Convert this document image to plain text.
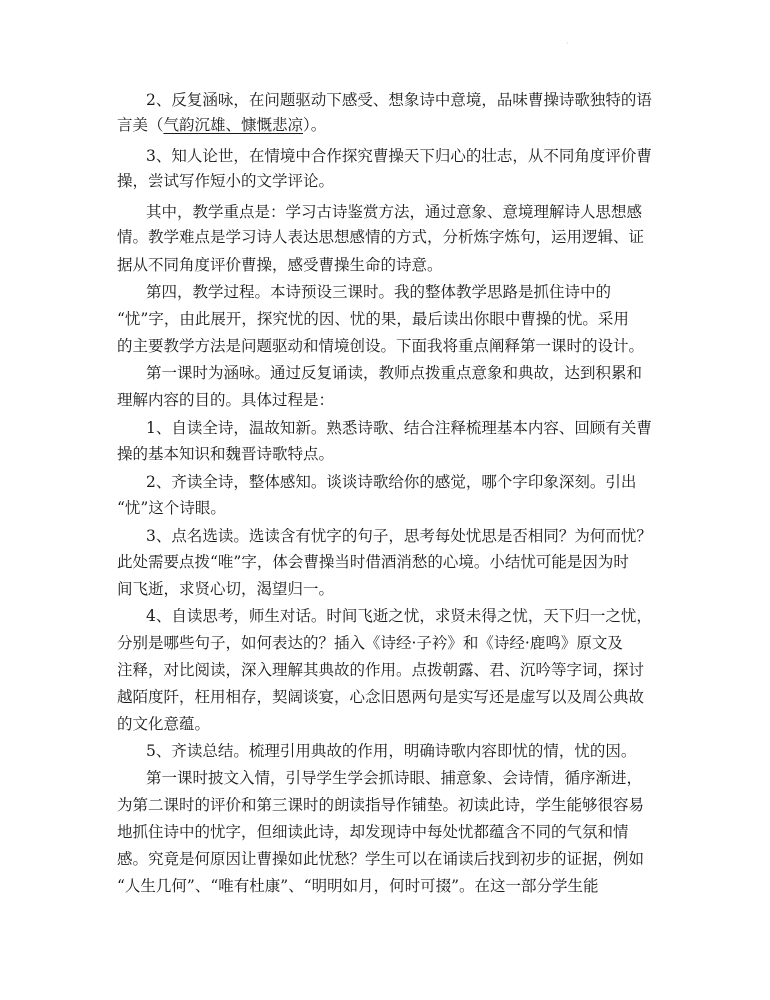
·

2、反复涵咏，在问题驱动下感受、想象诗中意境，品味曹操诗歌独特的语

言美（气韵沉雄、慷慨悲凉）。

3、知人论世，在情境中合作探究曹操天下归心的壮志，从不同角度评价曹

操，尝试写作短小的文学评论。

其中，教学重点是：学习古诗鉴赏方法，通过意象、意境理解诗人思想感

情。教学难点是学习诗人表达思想感情的方式，分析炼字炼句，运用逻辑、证

据从不同角度评价曹操，感受曹操生命的诗意。

第四，教学过程。本诗预设三课时。我的整体教学思路是抓住诗中的

“忧”字，由此展开，探究忧的因、忧的果，最后读出你眼中曹操的忧。采用

的主要教学方法是问题驱动和情境创设。下面我将重点阐释第一课时的设计。

第一课时为涵咏。通过反复诵读，教师点拨重点意象和典故，达到积累和

理解内容的目的。具体过程是：

1、自读全诗，温故知新。熟悉诗歌、结合注释梳理基本内容、回顾有关曹

操的基本知识和魏晋诗歌特点。

2、齐读全诗，整体感知。谈谈诗歌给你的感觉，哪个字印象深刻。引出

“忧”这个诗眼。

3、点名选读。选读含有忧字的句子，思考每处忧思是否相同？为何而忧？

此处需要点拨“唯”字，体会曹操当时借酒消愁的心境。小结忧可能是因为时

间飞逝，求贤心切，渴望归一。

4、自读思考，师生对话。时间飞逝之忧，求贤未得之忧，天下归一之忧，

分别是哪些句子，如何表达的？插入《诗经·子衿》和《诗经·鹿鸣》原文及

注释，对比阅读，深入理解其典故的作用。点拨朝露、君、沉吟等字词，探讨

越陌度阡，枉用相存，契阔谈宴，心念旧恩两句是实写还是虚写以及周公典故

的文化意蕴。

5、齐读总结。梳理引用典故的作用，明确诗歌内容即忧的情，忧的因。

第一课时披文入情，引导学生学会抓诗眼、捕意象、会诗情，循序渐进，

为第二课时的评价和第三课时的朗读指导作铺垫。初读此诗，学生能够很容易

地抓住诗中的忧字，但细读此诗，却发现诗中每处忧都蕴含不同的气氛和情

感。究竟是何原因让曹操如此忧愁？学生可以在诵读后找到初步的证据，例如

“人生几何”、“唯有杜康”、“明明如月，何时可掇”。在这一部分学生能
